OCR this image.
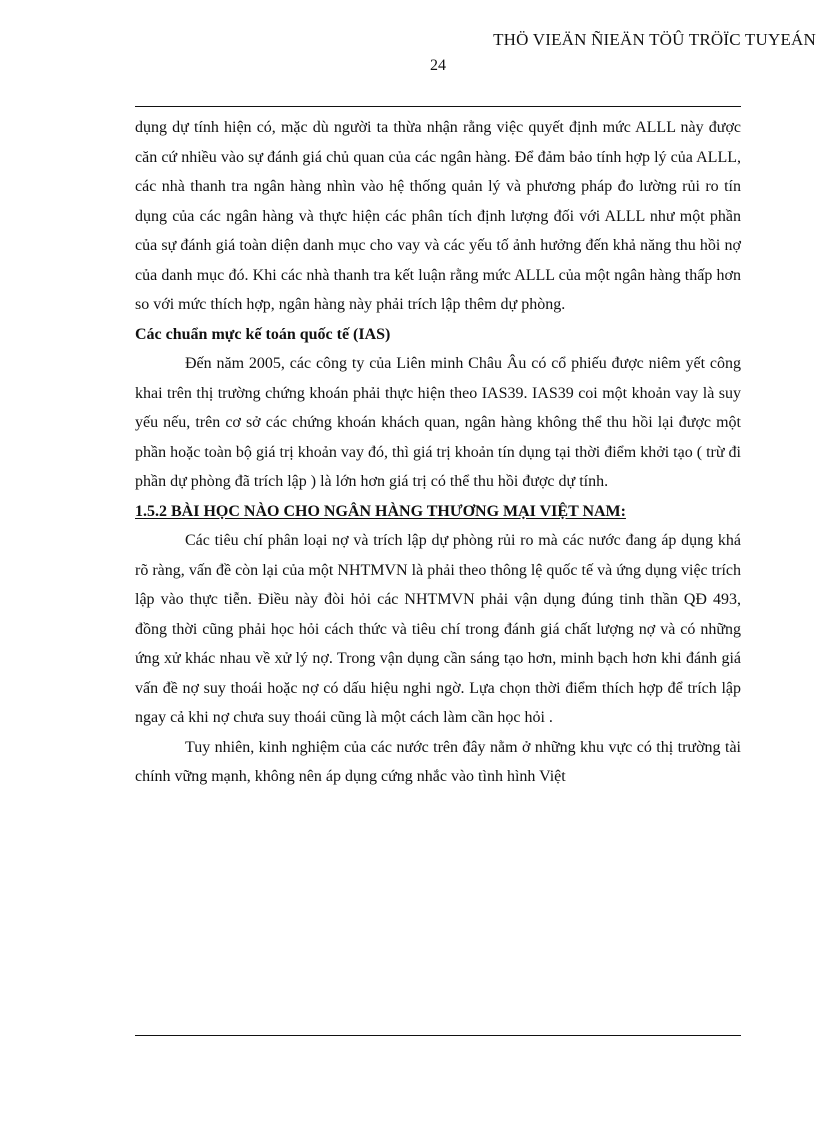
THÖ VIEÄN ÑIEÄN TÖÛ TRÖÏC TUYEÁN
24

dụng dự tính hiện có, mặc dù người ta thừa nhận rằng việc quyết định mức ALLL này được căn cứ nhiều vào sự đánh giá chủ quan của các ngân hàng. Để đảm bảo tính hợp lý của ALLL, các nhà thanh tra ngân hàng nhìn vào hệ thống quản lý và phương pháp đo lường rủi ro tín dụng của các ngân hàng và thực hiện các phân tích định lượng đối với ALLL như một phần của sự đánh giá toàn diện danh mục cho vay và các yếu tố ảnh hưởng đến khả năng thu hồi nợ của danh mục đó. Khi các nhà thanh tra kết luận rằng mức ALLL của một ngân hàng thấp hơn so với mức thích hợp, ngân hàng này phải trích lập thêm dự phòng.

Các chuẩn mực kế toán quốc tế (IAS)

Đến năm 2005, các công ty của Liên minh Châu Âu có cổ phiếu được niêm yết công khai trên thị trường chứng khoán phải thực hiện theo IAS39. IAS39 coi một khoản vay là suy yếu nếu, trên cơ sở các chứng khoán khách quan, ngân hàng không thể thu hồi lại được một phần hoặc toàn bộ giá trị khoản vay đó, thì giá trị khoản tín dụng tại thời điểm khởi tạo ( trừ đi phần dự phòng đã trích lập ) là lớn hơn giá trị có thể thu hồi được dự tính.

1.5.2 BÀI HỌC NÀO CHO NGÂN HÀNG THƯƠNG MẠI VIỆT NAM:

Các tiêu chí phân loại nợ và trích lập dự phòng rủi ro mà các nước đang áp dụng khá rõ ràng, vấn đề còn lại của một NHTMVN là phải theo thông lệ quốc tế và ứng dụng việc trích lập vào thực tiễn. Điều này đòi hỏi các NHTMVN phải vận dụng đúng tinh thần QĐ 493, đồng thời cũng phải học hỏi cách thức và tiêu chí trong đánh giá chất lượng nợ và có những ứng xử khác nhau về xử lý nợ. Trong vận dụng cần sáng tạo hơn, minh bạch hơn khi đánh giá vấn đề nợ suy thoái hoặc nợ có dấu hiệu nghi ngờ. Lựa chọn thời điểm thích hợp để trích lập ngay cả khi nợ chưa suy thoái cũng là một cách làm cần học hỏi .

Tuy nhiên, kinh nghiệm của các nước trên đây nằm ở những khu vực có thị trường tài chính vững mạnh, không nên áp dụng cứng nhắc vào tình hình Việt
